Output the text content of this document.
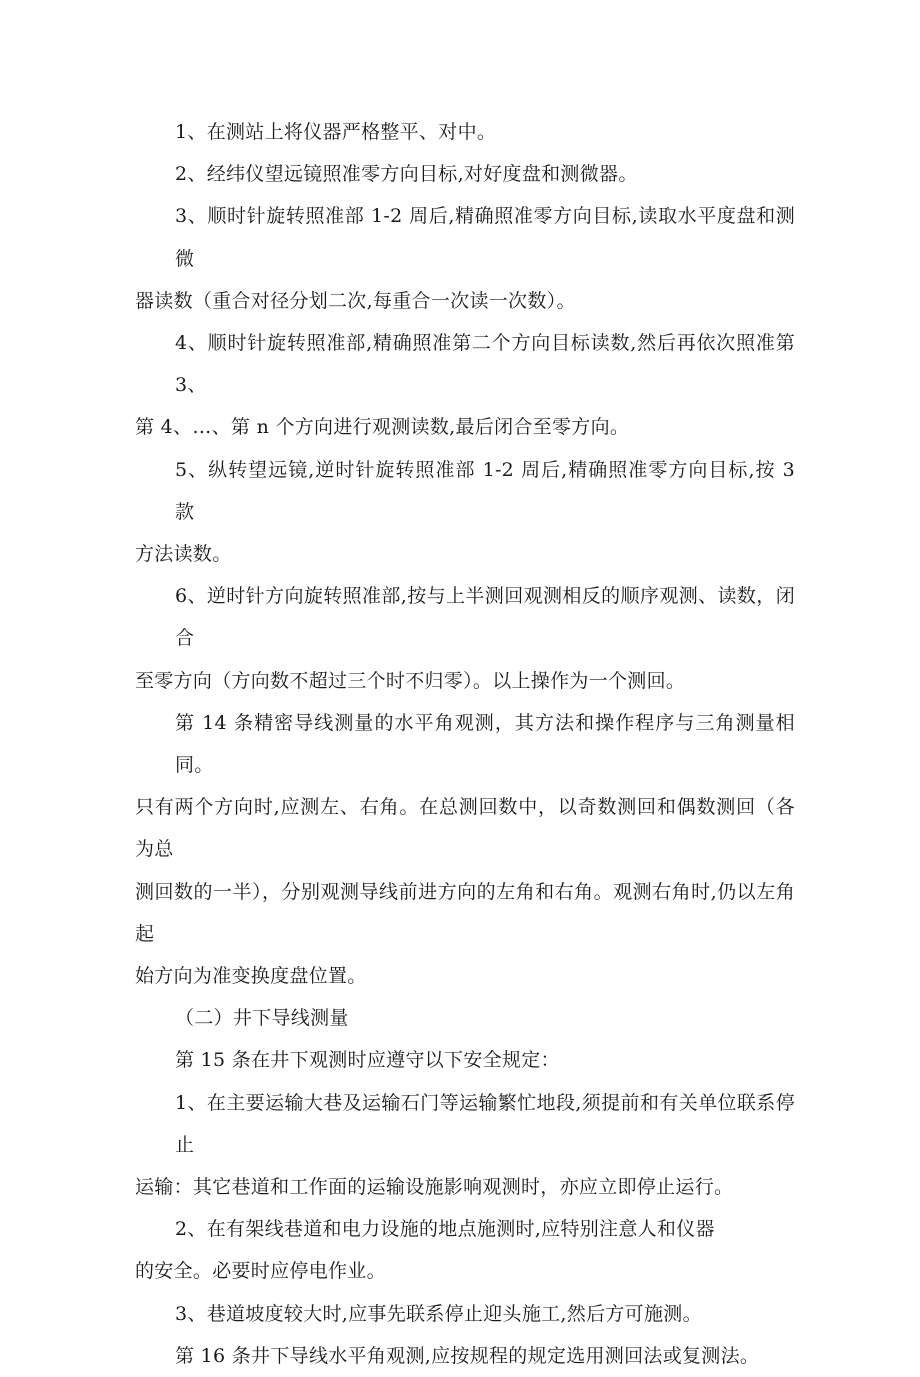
1、在测站上将仪器严格整平、对中。
2、经纬仪望远镜照准零方向目标,对好度盘和测微器。
3、顺时针旋转照准部 1-2 周后,精确照准零方向目标,读取水平度盘和测微
器读数（重合对径分划二次,每重合一次读一次数）。
4、顺时针旋转照准部,精确照准第二个方向目标读数,然后再依次照准第 3、
第 4、…、第 n 个方向进行观测读数,最后闭合至零方向。
5、纵转望远镜,逆时针旋转照准部 1-2 周后,精确照准零方向目标,按 3 款
方法读数。
6、逆时针方向旋转照准部,按与上半测回观测相反的顺序观测、读数，闭合
至零方向（方向数不超过三个时不归零）。以上操作为一个测回。
第 14 条精密导线测量的水平角观测，其方法和操作程序与三角测量相同。
只有两个方向时,应测左、右角。在总测回数中，以奇数测回和偶数测回（各为总
测回数的一半），分别观测导线前进方向的左角和右角。观测右角时,仍以左角起
始方向为准变换度盘位置。
（二）井下导线测量
第 15 条在井下观测时应遵守以下安全规定：
1、在主要运输大巷及运输石门等运输繁忙地段,须提前和有关单位联系停止
运输：其它巷道和工作面的运输设施影响观测时，亦应立即停止运行。
2、在有架线巷道和电力设施的地点施测时,应特别注意人和仪器
的安全。必要时应停电作业。
3、巷道坡度较大时,应事先联系停止迎头施工,然后方可施测。
第 16 条井下导线水平角观测,应按规程的规定选用测回法或复测法。
